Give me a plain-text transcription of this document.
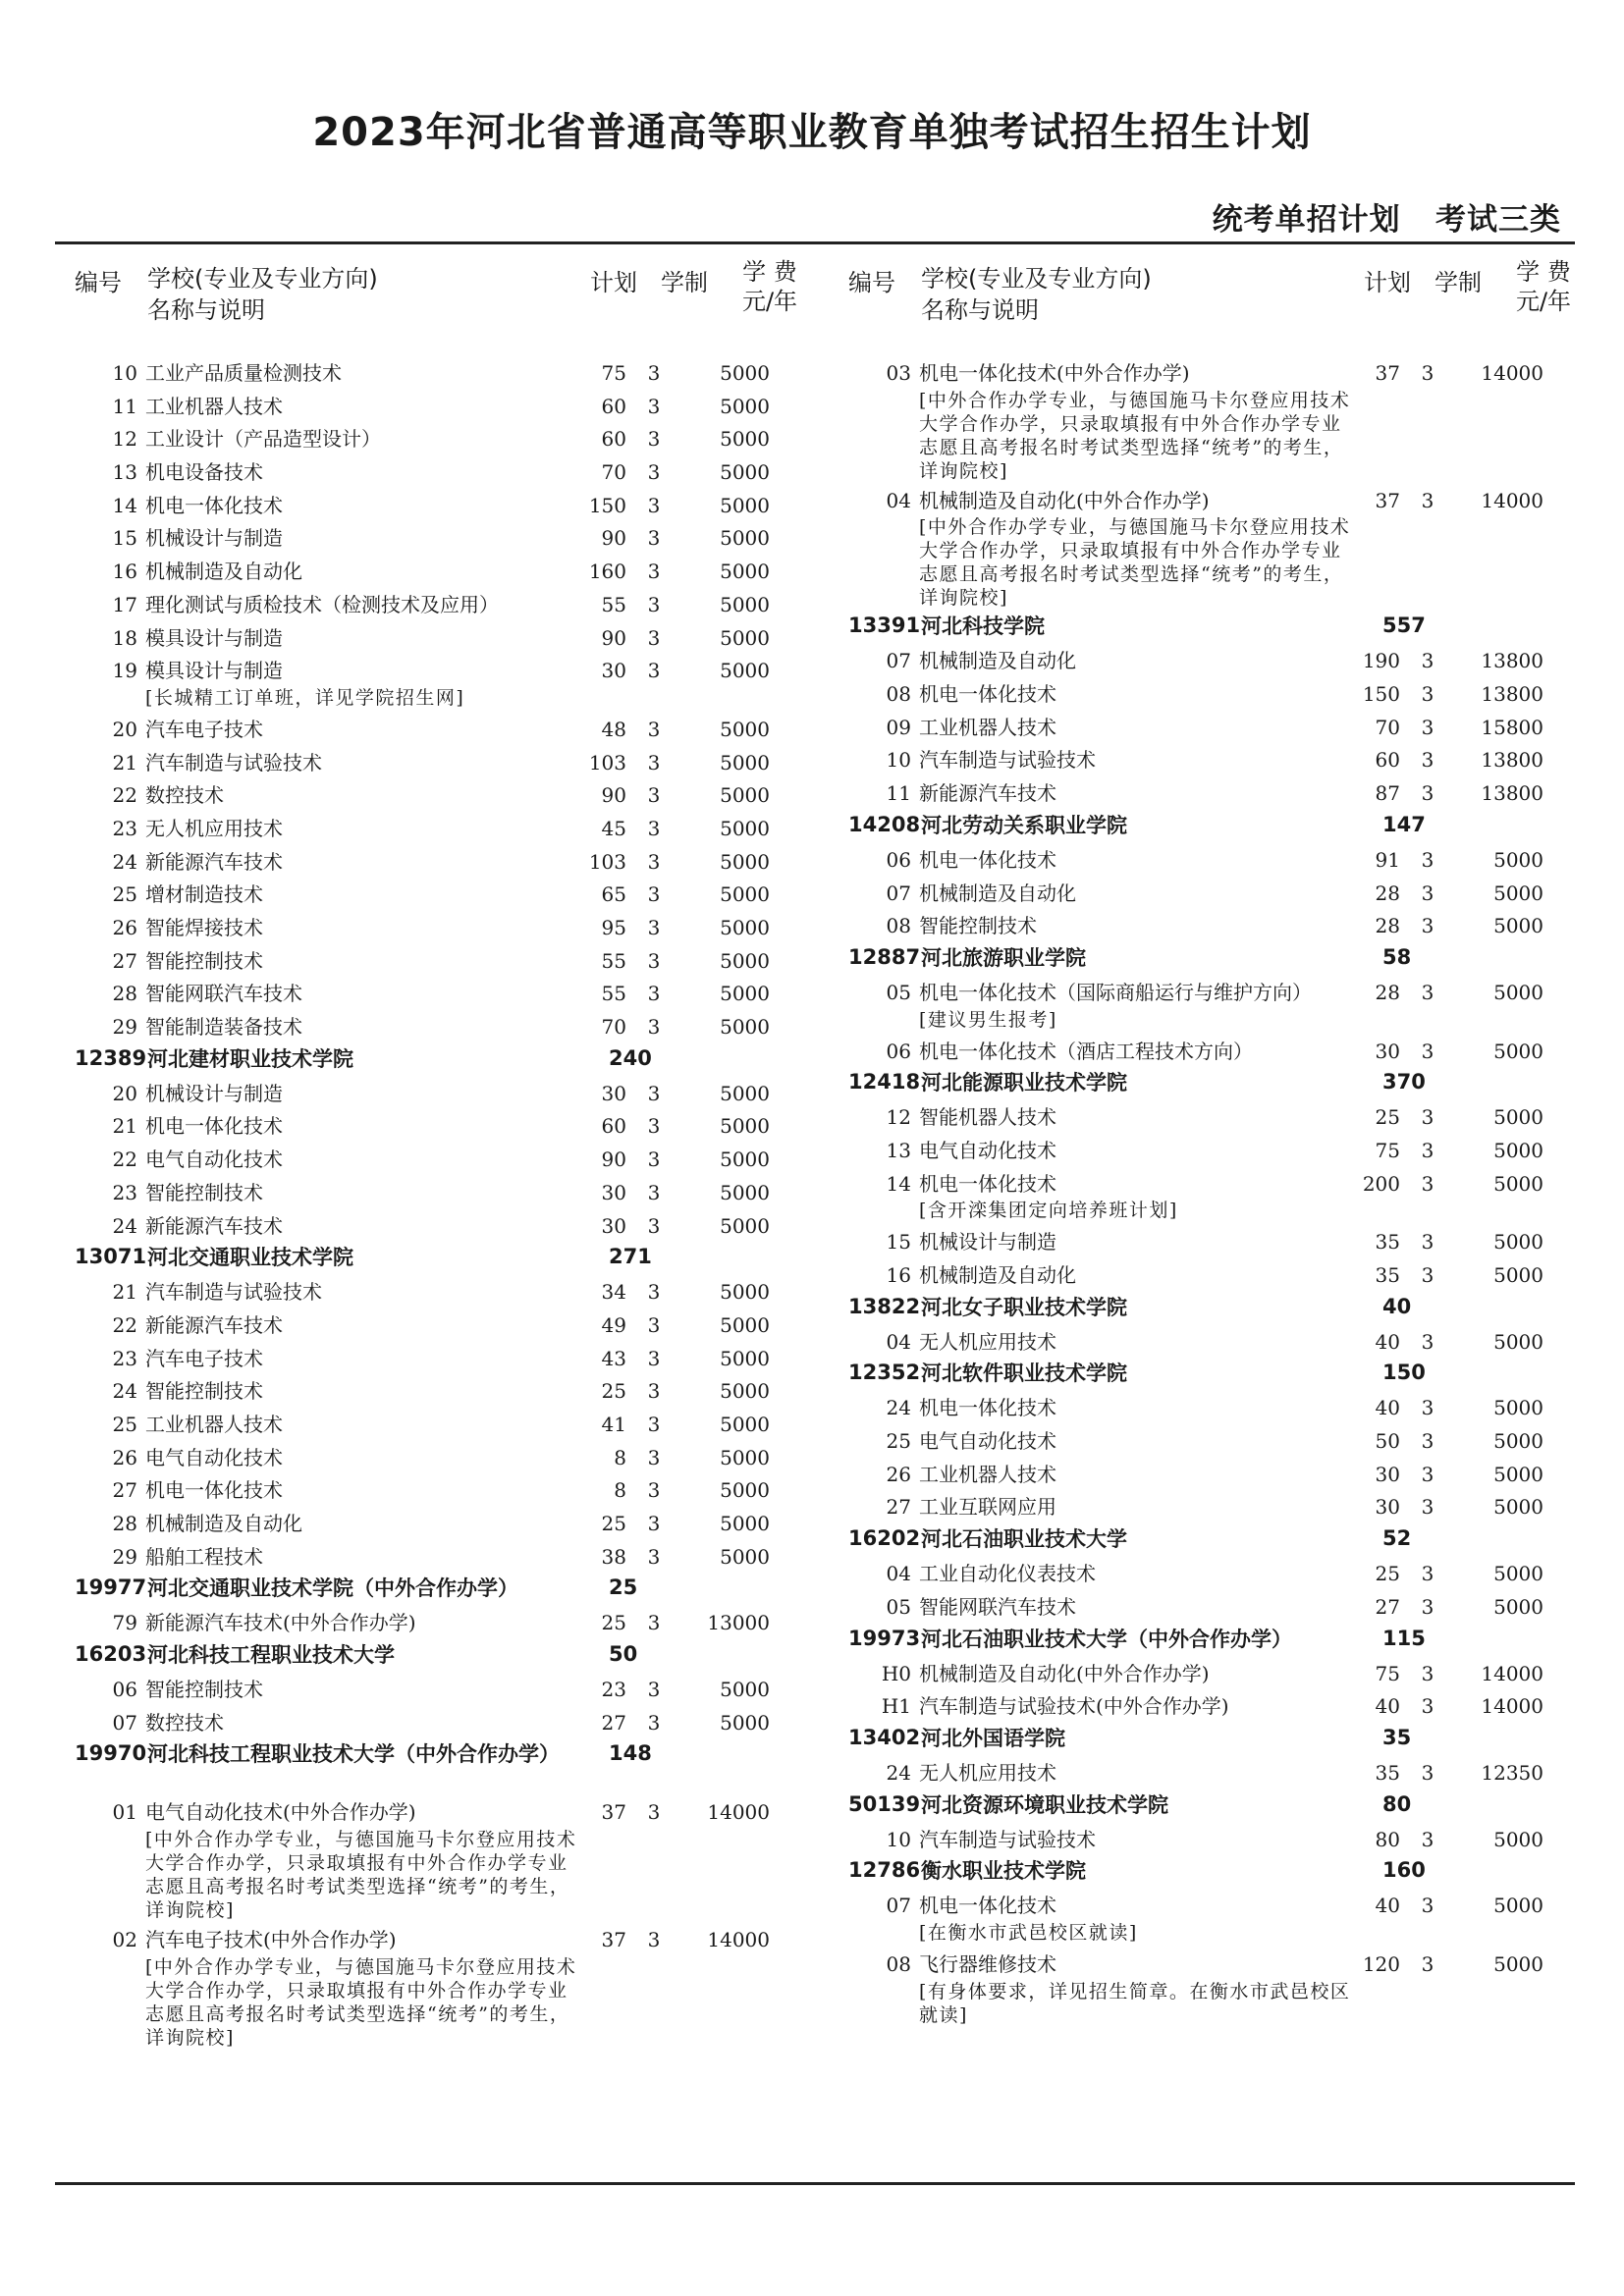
2023年河北省普通高等职业教育单独考试招生招生计划
统考单招计划   考试三类
编号 学校(专业及专业方向)
名称与说明
计划 学制	学 费
元/年
10 工业产品质量检测技术	75	3	5000
11 工业机器人技术	60	3	5000
12 工业设计（产品造型设计）	60	3	5000
13 机电设备技术	70	3	5000
14 机电一体化技术	150	3	5000
15 机械设计与制造	90	3	5000
16 机械制造及自动化	160	3	5000
17 理化测试与质检技术（检测技术及应用）	55	3	5000
18 模具设计与制造	90	3	5000
19 模具设计与制造	30	3	5000
[长城精工订单班，详见学院招生网]
20 汽车电子技术	48	3	5000
21 汽车制造与试验技术	103	3	5000
22 数控技术	90	3	5000
23 无人机应用技术	45	3	5000
24 新能源汽车技术	103	3	5000
25 增材制造技术	65	3	5000
26 智能焊接技术	95	3	5000
27 智能控制技术	55	3	5000
28 智能网联汽车技术	55	3	5000
29 智能制造装备技术	70	3	5000
12389 河北建材职业技术学院	240
20 机械设计与制造	30	3	5000
21 机电一体化技术	60	3	5000
22 电气自动化技术	90	3	5000
23 智能控制技术	30	3	5000
24 新能源汽车技术	30	3	5000
13071 河北交通职业技术学院	271
21 汽车制造与试验技术	34	3	5000
22 新能源汽车技术	49	3	5000
23 汽车电子技术	43	3	5000
24 智能控制技术	25	3	5000
25 工业机器人技术	41	3	5000
26 电气自动化技术	8	3	5000
27 机电一体化技术	8	3	5000
28 机械制造及自动化	25	3	5000
29 船舶工程技术	38	3	5000
19977 河北交通职业技术学院（中外合作办学）	25
79 新能源汽车技术(中外合作办学)	25	3	13000
16203 河北科技工程职业技术大学	50
06 智能控制技术	23	3	5000
07 数控技术	27	3	5000
19970 河北科技工程职业技术大学（中外合作办学）	148
01 电气自动化技术(中外合作办学)	37	3	14000
[中外合作办学专业，与德国施马卡尔登应用技术大学合作办学，只录取填报有中外合作办学专业志愿且高考报名时考试类型选择“统考”的考生，详询院校]
02 汽车电子技术(中外合作办学)	37	3	14000
[中外合作办学专业，与德国施马卡尔登应用技术大学合作办学，只录取填报有中外合作办学专业志愿且高考报名时考试类型选择“统考”的考生，详询院校]
编号 学校(专业及专业方向)
名称与说明
计划 学制	学 费
元/年
03 机电一体化技术(中外合作办学)	37	3	14000
[中外合作办学专业，与德国施马卡尔登应用技术大学合作办学，只录取填报有中外合作办学专业志愿且高考报名时考试类型选择“统考”的考生，详询院校]
04 机械制造及自动化(中外合作办学)	37	3	14000
[中外合作办学专业，与德国施马卡尔登应用技术大学合作办学，只录取填报有中外合作办学专业志愿且高考报名时考试类型选择“统考”的考生，详询院校]
13391 河北科技学院	557
07 机械制造及自动化	190	3	13800
08 机电一体化技术	150	3	13800
09 工业机器人技术	70	3	15800
10 汽车制造与试验技术	60	3	13800
11 新能源汽车技术	87	3	13800
14208 河北劳动关系职业学院	147
06 机电一体化技术	91	3	5000
07 机械制造及自动化	28	3	5000
08 智能控制技术	28	3	5000
12887 河北旅游职业学院	58
05 机电一体化技术（国际商船运行与维护方向）	28	3	5000
[建议男生报考]
06 机电一体化技术（酒店工程技术方向）	30	3	5000
12418 河北能源职业技术学院	370
12 智能机器人技术	25	3	5000
13 电气自动化技术	75	3	5000
14 机电一体化技术	200	3	5000
[含开滦集团定向培养班计划]
15 机械设计与制造	35	3	5000
16 机械制造及自动化	35	3	5000
13822 河北女子职业技术学院	40
04 无人机应用技术	40	3	5000
12352 河北软件职业技术学院	150
24 机电一体化技术	40	3	5000
25 电气自动化技术	50	3	5000
26 工业机器人技术	30	3	5000
27 工业互联网应用	30	3	5000
16202 河北石油职业技术大学	52
04 工业自动化仪表技术	25	3	5000
05 智能网联汽车技术	27	3	5000
19973 河北石油职业技术大学（中外合作办学）	115
H0 机械制造及自动化(中外合作办学)	75	3	14000
H1 汽车制造与试验技术(中外合作办学)	40	3	14000
13402 河北外国语学院	35
24 无人机应用技术	35	3	12350
50139 河北资源环境职业技术学院	80
10 汽车制造与试验技术	80	3	5000
12786 衡水职业技术学院	160
07 机电一体化技术	40	3	5000
[在衡水市武邑校区就读]
08 飞行器维修技术	120	3	5000
[有身体要求，详见招生简章。在衡水市武邑校区就读]
